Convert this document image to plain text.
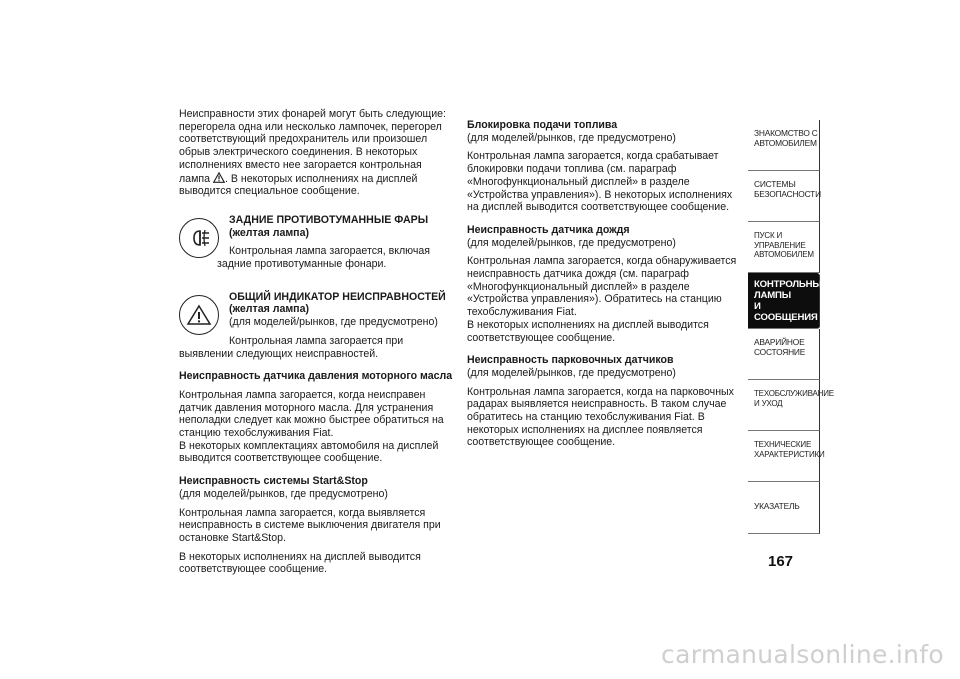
Неисправности этих фонарей могут быть следующие: перегорела одна или несколько лампочек, перегорел соответствующий предохранитель или произошел обрыв электрического соединения. В некоторых исполнениях вместо нее загорается контрольная лампа . В некоторых исполнениях на дисплей выводится специальное сообщение.

ЗАДНИЕ ПРОТИВОТУМАННЫЕ ФАРЫ

(желтая лампа)

Контрольная лампа загорается, включая задние противотуманные фонари.

ОБЩИЙ ИНДИКАТОР НЕИСПРАВНОСТЕЙ

(желтая лампа)

(для моделей/рынков, где предусмотрено)

Контрольная лампа загорается при выявлении следующих неисправностей.

Неисправность датчика давления моторного масла

Контрольная лампа загорается, когда неисправен датчик давления моторного масла. Для устранения неполадки следует как можно быстрее обратиться на станцию техобслуживания Fiat.

В некоторых комплектациях автомобиля на дисплей выводится соответствующее сообщение.

Неисправность системы Start&Stop

(для моделей/рынков, где предусмотрено)

Контрольная лампа загорается, когда выявляется неисправность в системе выключения двигателя при остановке Start&Stop.

В некоторых исполнениях на дисплей выводится соответствующее сообщение.

Блокировка подачи топлива

(для моделей/рынков, где предусмотрено)

Контрольная лампа загорается, когда срабатывает блокировки подачи топлива (см. параграф «Многофункциональный дисплей» в разделе «Устройства управления»). В некоторых исполнениях на дисплей выводится соответствующее сообщение.

Неисправность датчика дождя

(для моделей/рынков, где предусмотрено)

Контрольная лампа загорается, когда обнаруживается неисправность датчика дождя (см. параграф «Многофункциональный дисплей» в разделе «Устройства управления»). Обратитесь на станцию техобслуживания Fiat.

В некоторых исполнениях на дисплей выводится соответствующее сообщение.

Неисправность парковочных датчиков

(для моделей/рынков, где предусмотрено)

Контрольная лампа загорается, когда на парковочных радарах выявляется неисправность. В таком случае обратитесь на станцию техобслуживания Fiat. В некоторых исполнениях на дисплее появляется соответствующее сообщение.

ЗНАКОМСТВО С
АВТОМОБИЛЕМ
СИСТЕМЫ
БЕЗОПАСНОСТИ
ПУСК И УПРАВЛЕНИЕ
АВТОМОБИЛЕМ
КОНТРОЛЬНЫЕ
ЛАМПЫ
И СООБЩЕНИЯ
АВАРИЙНОЕ
СОСТОЯНИЕ
ТЕХОБСЛУЖИВАНИЕ
И УХОД
ТЕХНИЧЕСКИЕ
ХАРАКТЕРИСТИКИ
УКАЗАТЕЛЬ
167
carmanualsonline.info
